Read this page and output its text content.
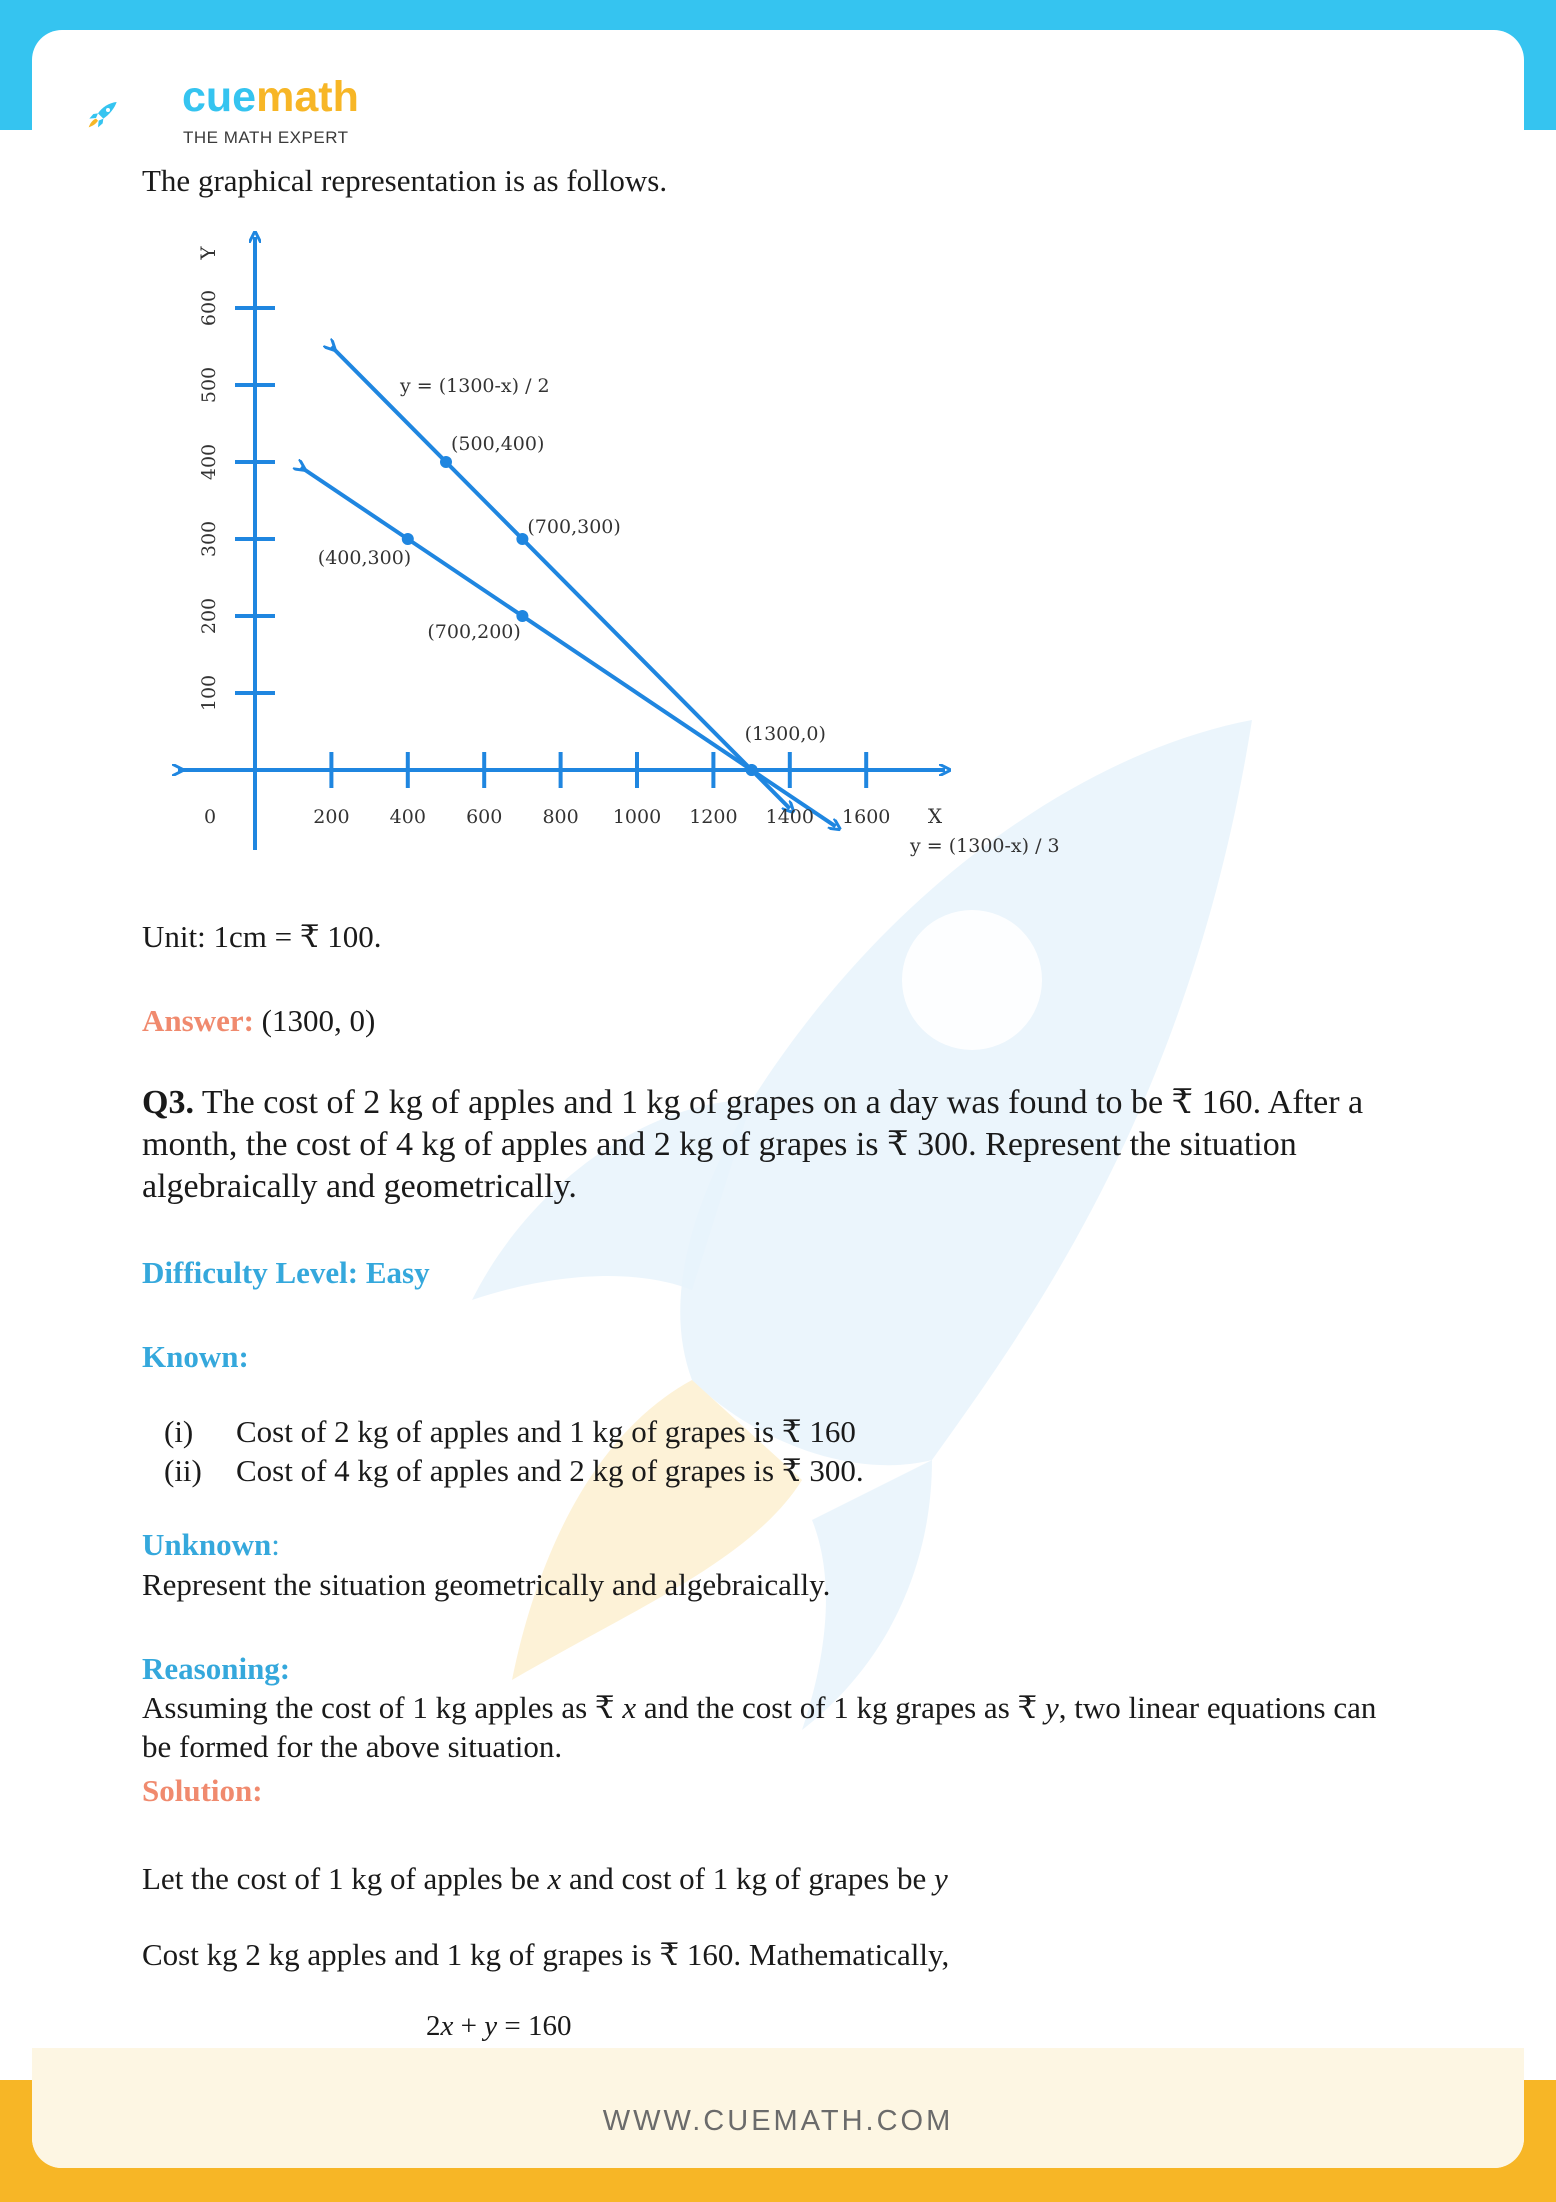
WWW.CUEMATH.COM
cuemath
THE MATH EXPERT
The graphical representation is as follows.
200 400 600 800 1000 1200 1400 1600
100
200
300
400
500
600
0	X
Y
(500,400)
(700,300)
(400,300)
(700,200)
(1300,0)
y = (1300-x) / 2
y = (1300-x) / 3
Unit: 1cm = ₹ 100.
Answer: (1300, 0)
Q3. The cost of 2 kg of apples and 1 kg of grapes on a day was found to be ₹ 160. After a month, the cost of 4 kg of apples and 2 kg of grapes is ₹ 300. Represent the situation algebraically and geometrically.
Difficulty Level: Easy
Known:
(i) Cost of 2 kg of apples and 1 kg of grapes is ₹ 160
(ii) Cost of 4 kg of apples and 2 kg of grapes is ₹ 300.
Unknown:
Represent the situation geometrically and algebraically.
Reasoning:
Assuming the cost of 1 kg apples as ₹ x and the cost of 1 kg grapes as ₹ y, two linear equations can be formed for the above situation.
Solution:
Let the cost of 1 kg of apples be x and cost of 1 kg of grapes be y
Cost kg 2 kg apples and 1 kg of grapes is ₹ 160. Mathematically,
2x + y = 160
